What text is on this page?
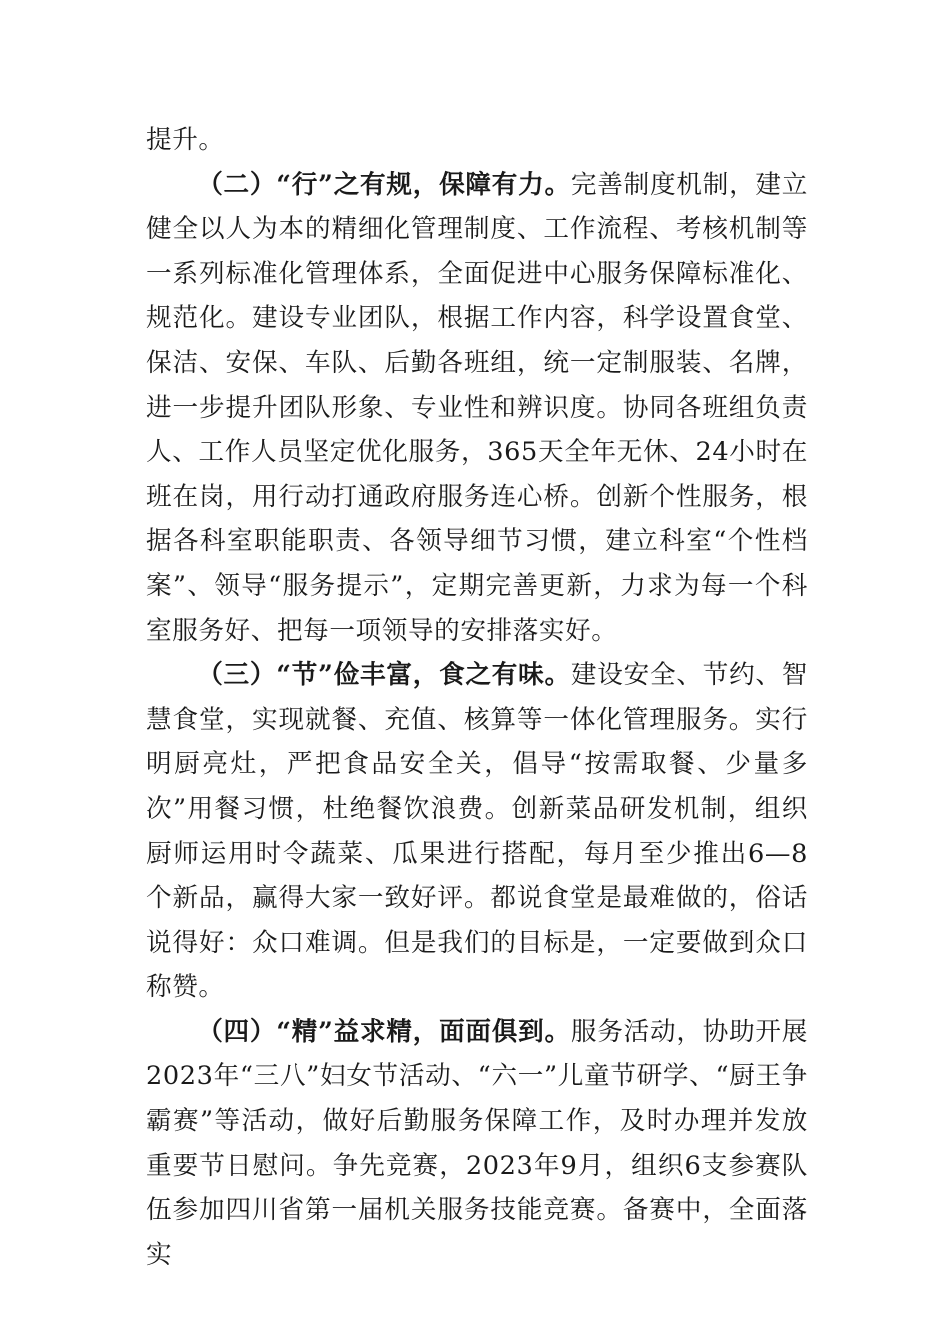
提升。

（二）“行”之有规，保障有力。完善制度机制，建立健全以人为本的精细化管理制度、工作流程、考核机制等一系列标准化管理体系，全面促进中心服务保障标准化、规范化。建设专业团队，根据工作内容，科学设置食堂、保洁、安保、车队、后勤各班组，统一定制服装、名牌，进一步提升团队形象、专业性和辨识度。协同各班组负责人、工作人员坚定优化服务，365天全年无休、24小时在班在岗，用行动打通政府服务连心桥。创新个性服务，根据各科室职能职责、各领导细节习惯，建立科室“个性档案”、领导“服务提示”，定期完善更新，力求为每一个科室服务好、把每一项领导的安排落实好。

（三）“节”俭丰富，食之有味。建设安全、节约、智慧食堂，实现就餐、充值、核算等一体化管理服务。实行明厨亮灶，严把食品安全关，倡导“按需取餐、少量多次”用餐习惯，杜绝餐饮浪费。创新菜品研发机制，组织厨师运用时令蔬菜、瓜果进行搭配，每月至少推出6—8个新品，赢得大家一致好评。都说食堂是最难做的，俗话说得好：众口难调。但是我们的目标是，一定要做到众口称赞。

（四）“精”益求精，面面俱到。服务活动，协助开展2023年“三八”妇女节活动、“六一”儿童节研学、“厨王争霸赛”等活动，做好后勤服务保障工作，及时办理并发放重要节日慰问。争先竞赛，2023年9月，组织6支参赛队伍参加四川省第一届机关服务技能竞赛。备赛中，全面落实
